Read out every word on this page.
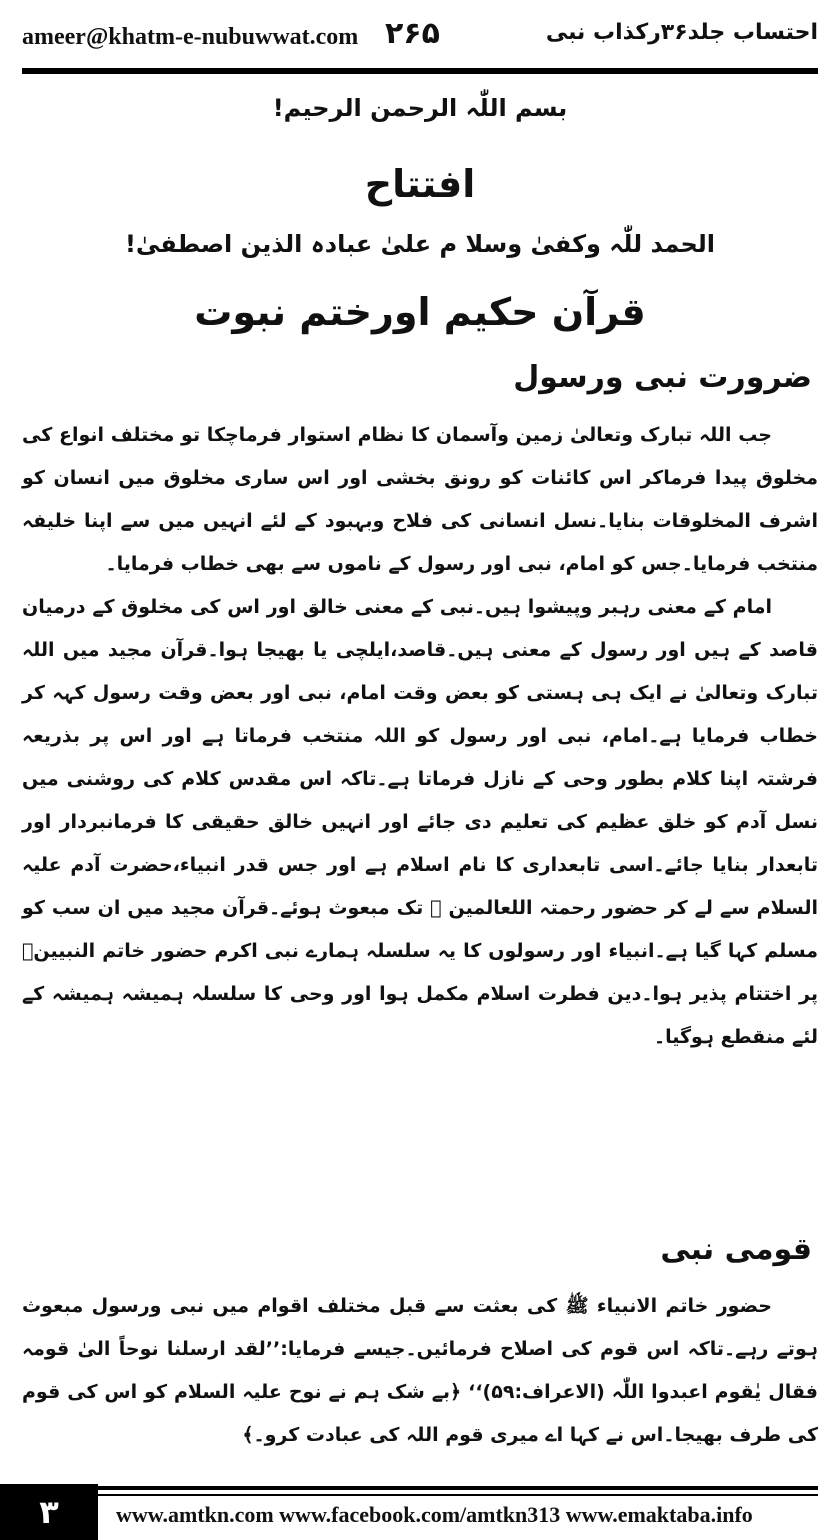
ameer@khatm-e-nubuwwat.com ۲۶۵	احتساب جلد۳۶رکذاب نبی
بسم اللّٰہ الرحمن الرحیم!
افتتاح
الحمد للّٰہ وکفیٰ وسلا م علیٰ عبادہ الذین اصطفیٰ!
قرآن حکیم اورختم نبوت
ضرورت نبی ورسول

جب اللہ تبارک وتعالیٰ زمین وآسمان کا نظام استوار فرماچکا تو مختلف انواع کی مخلوق پیدا فرماکر اس کائنات کو رونق بخشی اور اس ساری مخلوق میں انسان کو اشرف المخلوقات بنایا۔نسل انسانی کی فلاح وبہبود کے لئے انہیں میں سے اپنا خلیفہ منتخب فرمایا۔جس کو امام، نبی اور رسول کے ناموں سے بھی خطاب فرمایا۔

امام کے معنی رہبر وپیشوا ہیں۔نبی کے معنی خالق اور اس کی مخلوق کے درمیان قاصد کے ہیں اور رسول کے معنی ہیں۔قاصد،ایلچی یا بھیجا ہوا۔قرآن مجید میں اللہ تبارک وتعالیٰ نے ایک ہی ہستی کو بعض وقت امام، نبی اور بعض وقت رسول کہہ کر خطاب فرمایا ہے۔امام، نبی اور رسول کو اللہ منتخب فرماتا ہے اور اس پر بذریعہ فرشتہ اپنا کلام بطور وحی کے نازل فرماتا ہے۔تاکہ اس مقدس کلام کی روشنی میں نسل آدم کو خلق عظیم کی تعلیم دی جائے اور انہیں خالق حقیقی کا فرمانبردار اور تابعدار بنایا جائے۔اسی تابعداری کا نام اسلام ہے اور جس قدر انبیاء،حضرت آدم علیہ السلام سے لے کر حضور رحمتہ اللعالمین ﷺ تک مبعوث ہوئے۔قرآن مجید میں ان سب کو مسلم کہا گیا ہے۔انبیاء اور رسولوں کا یہ سلسلہ ہمارے نبی اکرم حضور خاتم النبیینؐ پر اختتام پذیر ہوا۔دین فطرت اسلام مکمل ہوا اور وحی کا سلسلہ ہمیشہ ہمیشہ کے لئے منقطع ہوگیا۔

قومی نبی

حضور خاتم الانبیاء ﷺ کی بعثت سے قبل مختلف اقوام میں نبی ورسول مبعوث ہوتے رہے۔تاکہ اس قوم کی اصلاح فرمائیں۔جیسے فرمایا:’’لقد ارسلنا نوحاً الیٰ قومہ فقال یٰقوم اعبدوا اللّٰہ (الاعراف:۵۹)‘‘ ﴿بے شک ہم نے نوح علیہ السلام کو اس کی قوم کی طرف بھیجا۔اس نے کہا اے میری قوم اللہ کی عبادت کرو۔﴾

۳	www.amtkn.com www.facebook.com/amtkn313 www.emaktaba.info
